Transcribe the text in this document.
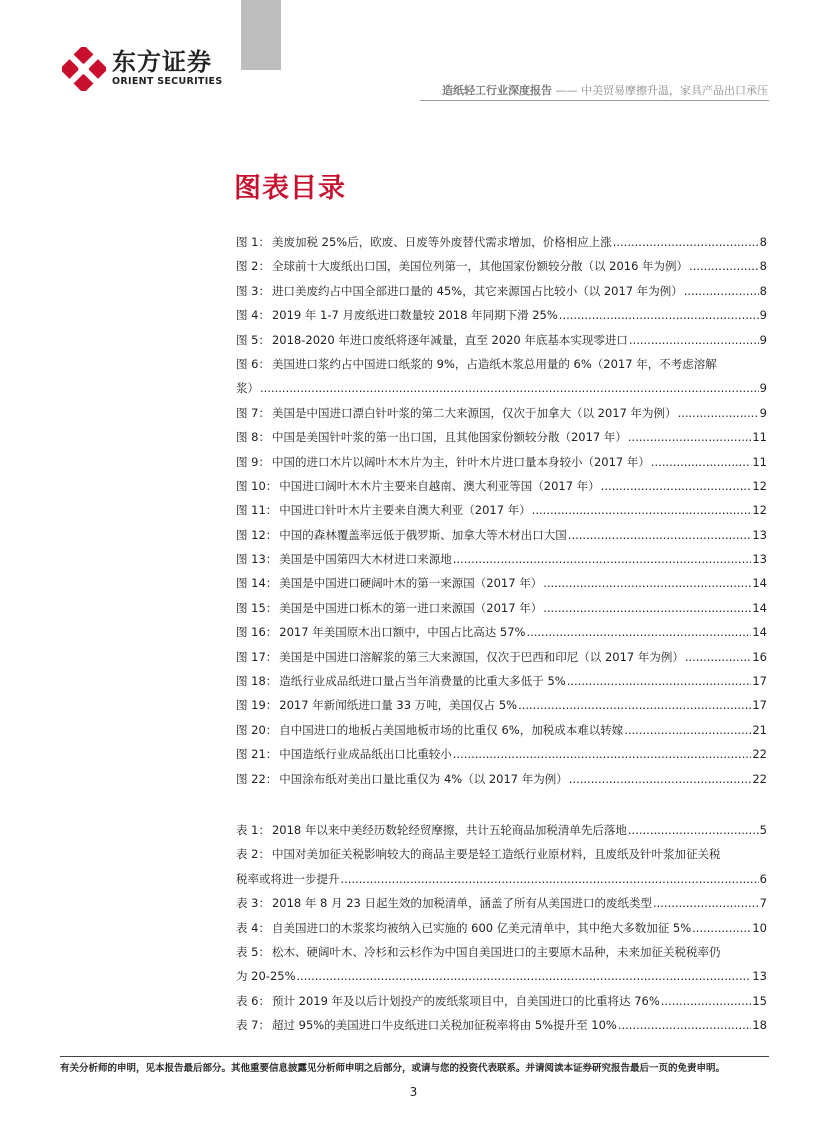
东方证券
ORIENT SECURITIES
造纸轻工行业深度报告 —— 中美贸易摩擦升温，家具产品出口承压
图表目录
图 1： 美废加税 25%后，欧废、日废等外废替代需求增加，价格相应上涨 .....	8
图 2： 全球前十大废纸出口国，美国位列第一，其他国家份额较分散（以 2016 年为例） .....	8
图 3： 进口美废约占中国全部进口量的 45%，其它来源国占比较小（以 2017 年为例） .....	8
图 4： 2019 年 1-7 月废纸进口数量较 2018 年同期下滑 25% .....	9
图 5： 2018-2020 年进口废纸将逐年减量，直至 2020 年底基本实现零进口 .....	9
图 6： 美国进口浆约占中国进口纸浆的 9%，占造纸木浆总用量的 6%（2017 年，不考虑溶解
浆） .....	9
图 7： 美国是中国进口漂白针叶浆的第二大来源国，仅次于加拿大（以 2017 年为例） .....	9
图 8： 中国是美国针叶浆的第一出口国，且其他国家份额较分散（2017 年） .....	11
图 9： 中国的进口木片以阔叶木木片为主，针叶木片进口量本身较小（2017 年） .....	11
图 10： 中国进口阔叶木木片主要来自越南、澳大利亚等国（2017 年） .....	12
图 11： 中国进口针叶木片主要来自澳大利亚（2017 年） .....	12
图 12： 中国的森林覆盖率远低于俄罗斯、加拿大等木材出口大国 .....	13
图 13： 美国是中国第四大木材进口来源地 .....	13
图 14： 美国是中国进口硬阔叶木的第一来源国（2017 年） .....	14
图 15： 美国是中国进口栎木的第一进口来源国（2017 年） .....	14
图 16： 2017 年美国原木出口额中，中国占比高达 57% .....	14
图 17： 美国是中国进口溶解浆的第三大来源国，仅次于巴西和印尼（以 2017 年为例） .....	16
图 18： 造纸行业成品纸进口量占当年消费量的比重大多低于 5% .....	17
图 19： 2017 年新闻纸进口量 33 万吨，美国仅占 5% .....	17
图 20： 自中国进口的地板占美国地板市场的比重仅 6%，加税成本难以转嫁 .....	21
图 21： 中国造纸行业成品纸出口比重较小 .....	22
图 22： 中国涂布纸对美出口量比重仅为 4%（以 2017 年为例） .....	22
表 1： 2018 年以来中美经历数轮经贸摩擦，共计五轮商品加税清单先后落地 .....	5
表 2： 中国对美加征关税影响较大的商品主要是轻工造纸行业原材料，且废纸及针叶浆加征关税
税率或将进一步提升 .....	6
表 3： 2018 年 8 月 23 日起生效的加税清单，涵盖了所有从美国进口的废纸类型 .....	7
表 4： 自美国进口的木浆浆均被纳入已实施的 600 亿美元清单中，其中绝大多数加征 5% .....	10
表 5： 松木、硬阔叶木、冷杉和云杉作为中国自美国进口的主要原木品种，未来加征关税税率仍
为 20-25% .....	13
表 6： 预计 2019 年及以后计划投产的废纸浆项目中，自美国进口的比重将达 76% .....	15
表 7： 超过 95%的美国进口牛皮纸进口关税加征税率将由 5%提升至 10% .....	18
有关分析师的申明，见本报告最后部分。其他重要信息披露见分析师申明之后部分，或请与您的投资代表联系。并请阅读本证券研究报告最后一页的免责申明。
3
